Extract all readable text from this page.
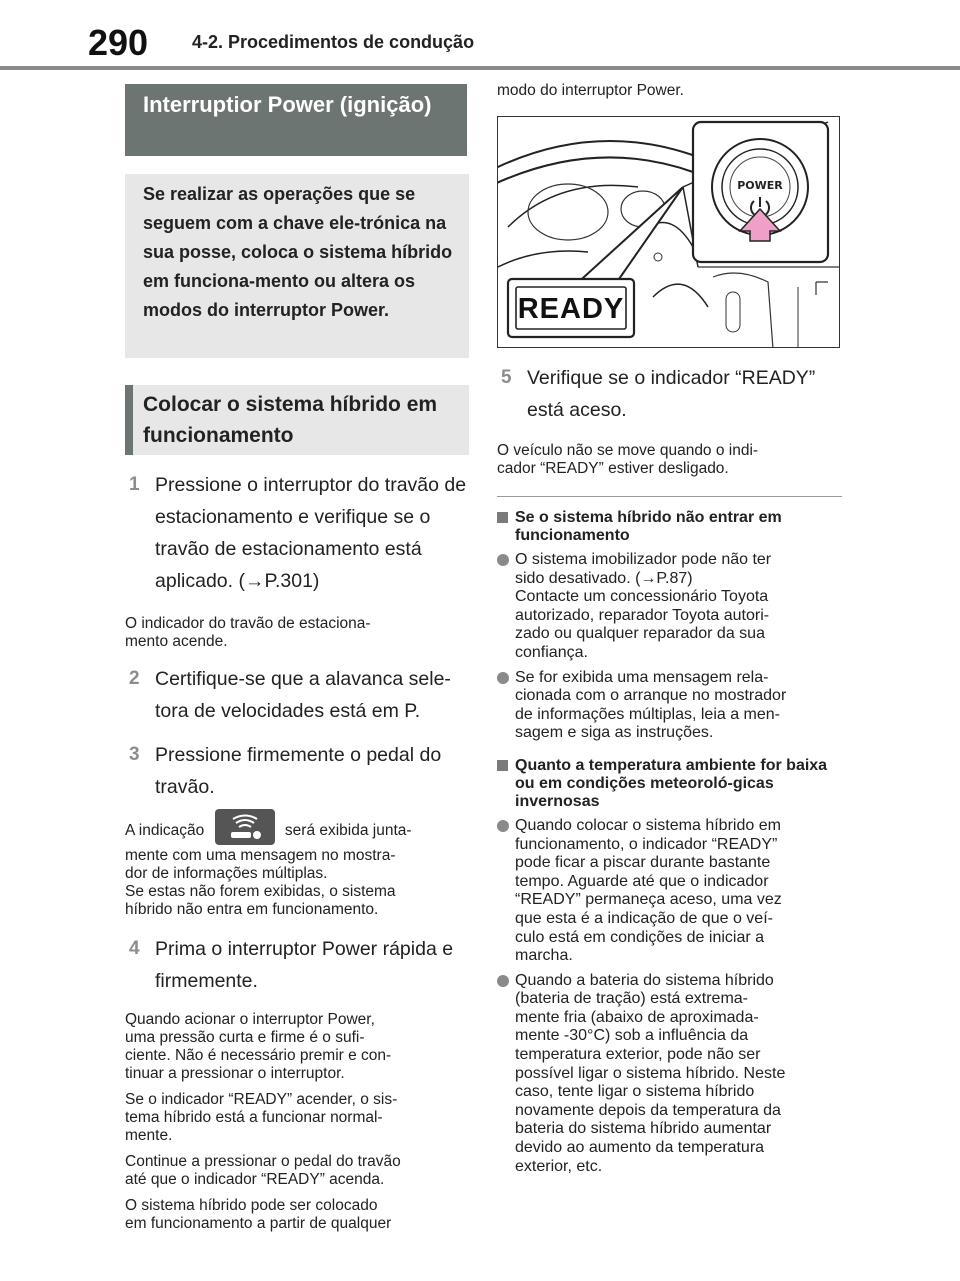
290 4-2. Procedimentos de condução
Interruptior Power (ignição)
Se realizar as operações que se seguem com a chave ele-trónica na sua posse, coloca o sistema híbrido em funciona-mento ou altera os modos do interruptor Power.
Colocar o sistema híbrido em funcionamento
1 Pressione o interruptor do travão de estacionamento e verifique se o travão de estacionamento está aplicado. (→P.301)
O indicador do travão de estaciona-
mento acende.
2 Certifique-se que a alavanca sele-tora de velocidades está em P.
3 Pressione firmemente o pedal do travão.
A indicação	será exibida junta-
mente com uma mensagem no mostra-
dor de informações múltiplas.
Se estas não forem exibidas, o sistema
híbrido não entra em funcionamento.
4 Prima o interruptor Power rápida e firmemente.
Quando acionar o interruptor Power,
uma pressão curta e firme é o sufi-
ciente. Não é necessário premir e con-
tinuar a pressionar o interruptor.
Se o indicador “READY” acender, o sis-
tema híbrido está a funcionar normal-
mente.
Continue a pressionar o pedal do travão
até que o indicador “READY” acenda.
O sistema híbrido pode ser colocado
em funcionamento a partir de qualquer
modo do interruptor Power.
POWER
READY
5 Verifique se o indicador “READY” está aceso.
O veículo não se move quando o indi-
cador “READY” estiver desligado.
Se o sistema híbrido não entrar em funcionamento
O sistema imobilizador pode não ter
sido desativado. (→P.87)
Contacte um concessionário Toyota
autorizado, reparador Toyota autori-
zado ou qualquer reparador da sua
confiança.
Se for exibida uma mensagem rela-
cionada com o arranque no mostrador
de informações múltiplas, leia a men-
sagem e siga as instruções.
Quanto a temperatura ambiente for baixa ou em condições meteoroló-gicas invernosas
Quando colocar o sistema híbrido em
funcionamento, o indicador “READY”
pode ficar a piscar durante bastante
tempo. Aguarde até que o indicador
“READY” permaneça aceso, uma vez
que esta é a indicação de que o veí-
culo está em condições de iniciar a
marcha.
Quando a bateria do sistema híbrido
(bateria de tração) está extrema-
mente fria (abaixo de aproximada-
mente -30°C) sob a influência da
temperatura exterior, pode não ser
possível ligar o sistema híbrido. Neste
caso, tente ligar o sistema híbrido
novamente depois da temperatura da
bateria do sistema híbrido aumentar
devido ao aumento da temperatura
exterior, etc.
